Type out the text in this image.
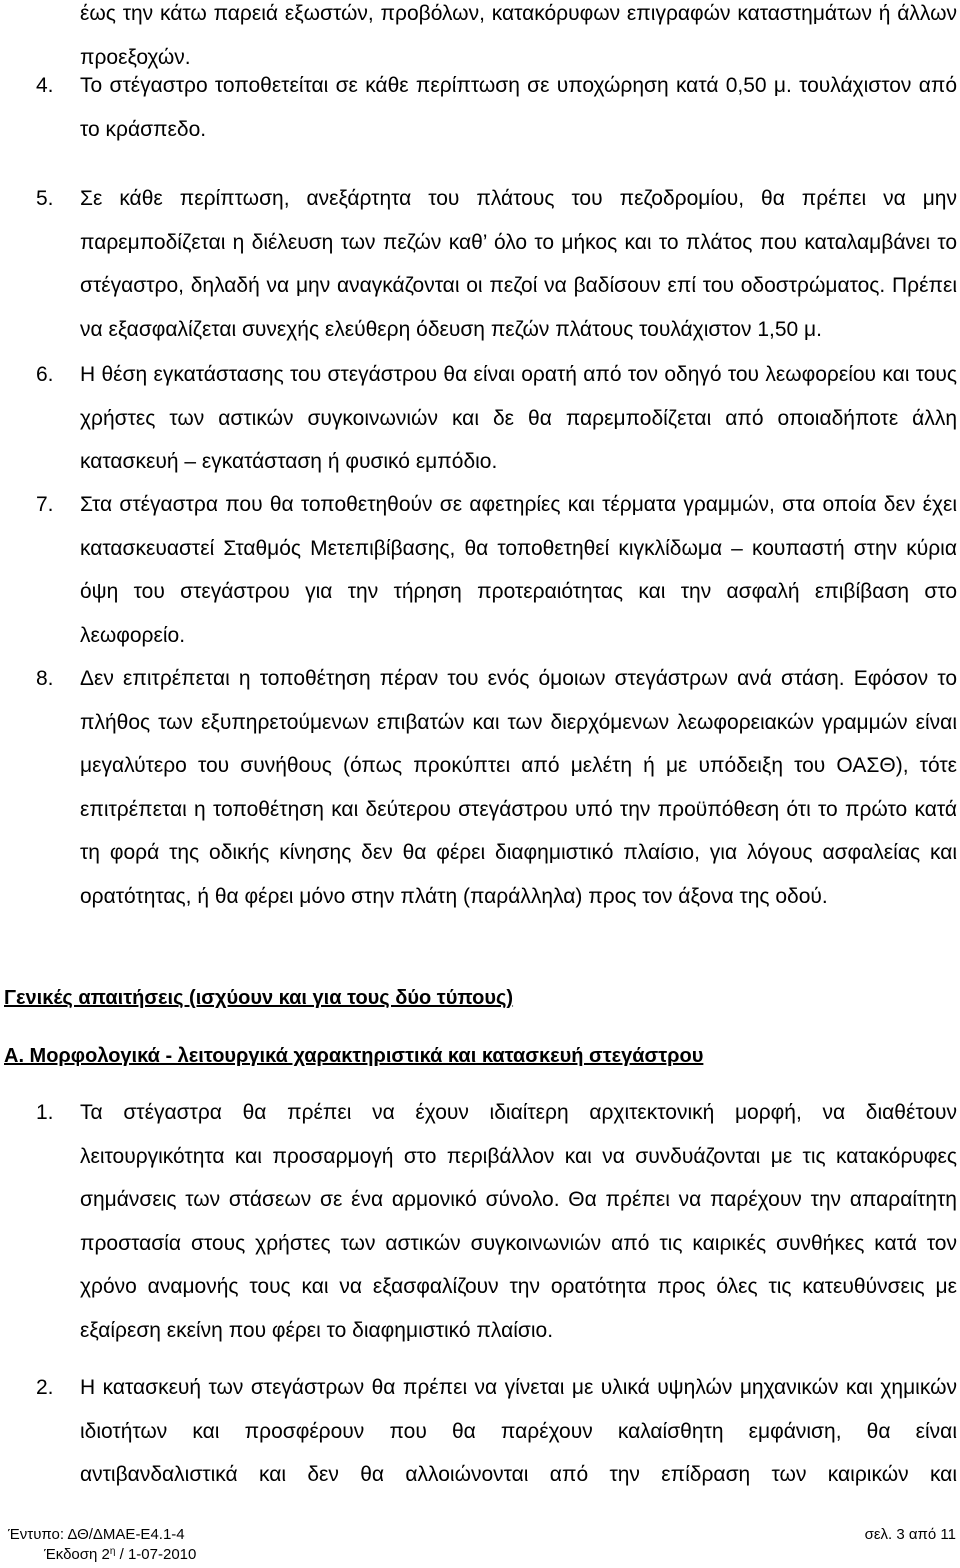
έως την κάτω παρειά εξωστών, προβόλων, κατακόρυφων επιγραφών καταστημάτων ή άλλων
προεξοχών.
4. Το στέγαστρο τοποθετείται σε κάθε περίπτωση σε υποχώρηση κατά 0,50 μ. τουλάχιστον από
το κράσπεδο.
5. Σε κάθε περίπτωση, ανεξάρτητα του πλάτους του πεζοδρομίου, θα πρέπει να μην
παρεμποδίζεται η διέλευση των πεζών καθ’ όλο το μήκος και το πλάτος που καταλαμβάνει το
στέγαστρο, δηλαδή να μην αναγκάζονται οι πεζοί να βαδίσουν επί του οδοστρώματος. Πρέπει
να εξασφαλίζεται συνεχής ελεύθερη όδευση πεζών πλάτους τουλάχιστον 1,50 μ.
6. Η θέση εγκατάστασης του στεγάστρου θα είναι ορατή από τον οδηγό του λεωφορείου και τους
χρήστες των αστικών συγκοινωνιών και δε θα παρεμποδίζεται από οποιαδήποτε άλλη
κατασκευή – εγκατάσταση ή φυσικό εμπόδιο.
7. Στα στέγαστρα που θα τοποθετηθούν σε αφετηρίες και τέρματα γραμμών, στα οποία δεν έχει
κατασκευαστεί Σταθμός Μετεπιβίβασης, θα τοποθετηθεί κιγκλίδωμα – κουπαστή στην κύρια
όψη του στεγάστρου για την τήρηση προτεραιότητας και την ασφαλή επιβίβαση στο
λεωφορείο.
8. Δεν επιτρέπεται η τοποθέτηση πέραν του ενός όμοιων στεγάστρων ανά στάση. Εφόσον το
πλήθος των εξυπηρετούμενων επιβατών και των διερχόμενων λεωφορειακών γραμμών είναι
μεγαλύτερο του συνήθους (όπως προκύπτει από μελέτη ή με υπόδειξη του ΟΑΣΘ), τότε
επιτρέπεται η τοποθέτηση και δεύτερου στεγάστρου υπό την προϋπόθεση ότι το πρώτο κατά
τη φορά της οδικής κίνησης δεν θα φέρει διαφημιστικό πλαίσιο, για λόγους ασφαλείας και
ορατότητας, ή θα φέρει μόνο στην πλάτη (παράλληλα) προς τον άξονα της οδού.
Γενικές απαιτήσεις (ισχύουν και για τους δύο τύπους)
Α. Μορφολογικά - λειτουργικά χαρακτηριστικά και κατασκευή στεγάστρου
1. Τα στέγαστρα θα πρέπει να έχουν ιδιαίτερη αρχιτεκτονική μορφή, να διαθέτουν
λειτουργικότητα και προσαρμογή στο περιβάλλον και να συνδυάζονται με τις κατακόρυφες
σημάνσεις των στάσεων σε ένα αρμονικό σύνολο. Θα πρέπει να παρέχουν την απαραίτητη
προστασία στους χρήστες των αστικών συγκοινωνιών από τις καιρικές συνθήκες κατά τον
χρόνο αναμονής τους και να εξασφαλίζουν την ορατότητα προς όλες τις κατευθύνσεις με
εξαίρεση εκείνη που φέρει το διαφημιστικό πλαίσιο.
2. Η κατασκευή των στεγάστρων θα πρέπει να γίνεται με υλικά υψηλών μηχανικών και χημικών
ιδιοτήτων και προσφέρουν που θα παρέχουν καλαίσθητη εμφάνιση, θα είναι
αντιβανδαλιστικά και δεν θα αλλοιώνονται από την επίδραση των καιρικών και
Έντυπο: ΔΘ/ΔΜΑΕ-Ε4.1-4
Έκδοση $2^\eta / 1-07-2010$
σελ. 3 από 11
